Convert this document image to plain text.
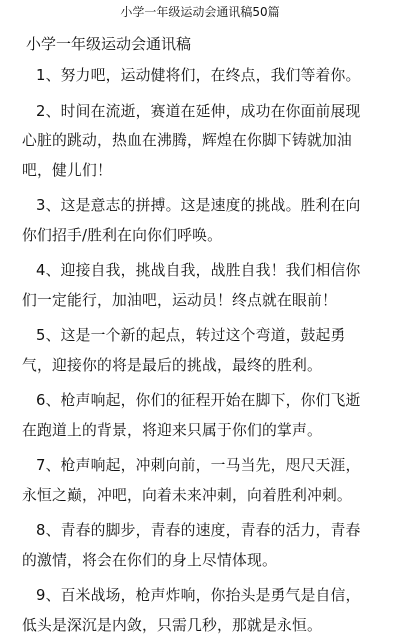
小学一年级运动会通讯稿50篇
小学一年级运动会通讯稿

1、努力吧，运动健将们，在终点，我们等着你。

2、时间在流逝，赛道在延伸，成功在你面前展现心脏的跳动，热血在沸腾，辉煌在你脚下铸就加油吧，健儿们！

3、这是意志的拼搏。这是速度的挑战。胜利在向你们招手/胜利在向你们呼唤。

4、迎接自我，挑战自我，战胜自我！我们相信你们一定能行，加油吧，运动员！终点就在眼前！

5、这是一个新的起点，转过这个弯道，鼓起勇气，迎接你的将是最后的挑战，最终的胜利。

6、枪声响起，你们的征程开始在脚下，你们飞逝在跑道上的背景，将迎来只属于你们的掌声。

7、枪声响起，冲刺向前，一马当先，咫尺天涯，永恒之巅，冲吧，向着未来冲刺，向着胜利冲刺。

8、青春的脚步，青春的速度，青春的活力，青春的激情，将会在你们的身上尽情体现。

9、百米战场，枪声炸响，你抬头是勇气是自信，低头是深沉是内敛，只需几秒，那就是永恒。
